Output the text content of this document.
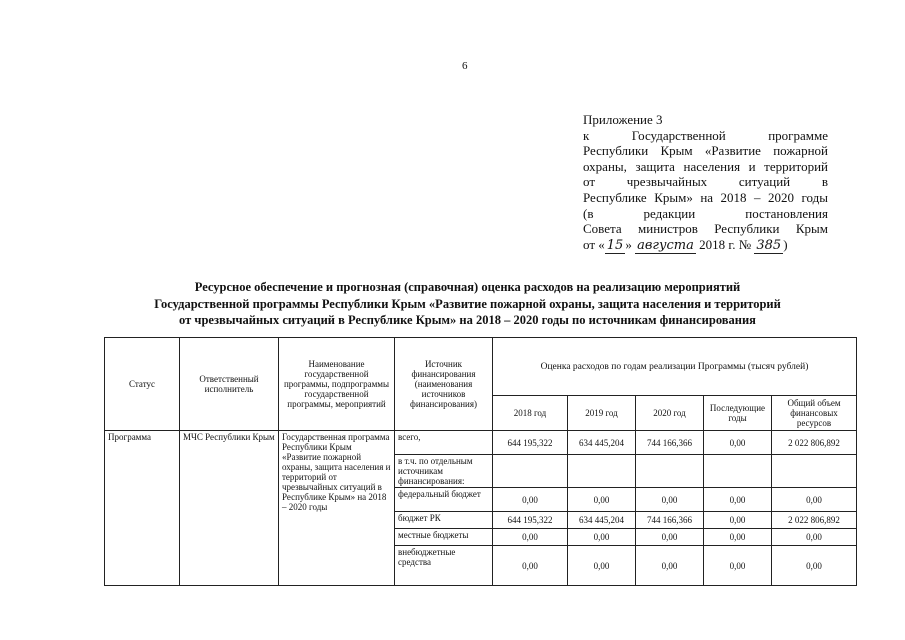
6
Приложение 3
к Государственной программе
Республики Крым «Развитие пожарной
охраны, защита населения и территорий
от чрезвычайных ситуаций в
Республике Крым» на 2018 – 2020 годы
(в редакции постановления
Совета министров Республики Крым
от « 15 » августа 2018 г. № 385 )
Ресурсное обеспечение и прогнозная (справочная) оценка расходов на реализацию мероприятий
Государственной программы Республики Крым «Развитие пожарной охраны, защита населения и территорий
от чрезвычайных ситуаций в Республике Крым» на 2018 – 2020 годы по источникам финансирования
Статус	Ответственный исполнитель	Наименование государственной программы, подпрограммы государственной программы, мероприятий	Источник финансирования (наименования источников финансирования)	Оценка расходов по годам реализации Программы (тысяч рублей)				
				2018 год	2019 год	2020 год	Последующие годы	Общий объем финансовых ресурсов
Программа	МЧС Республики Крым	Государственная программа Республики Крым «Развитие пожарной охраны, защита населения и территорий от чрезвычайных ситуаций в Республике Крым» на 2018 – 2020 годы	всего,	644 195,322	634 445,204	744 166,366	0,00	2 022 806,892
			в т.ч. по отдельным источникам финансирования:					
			федеральный бюджет	0,00	0,00	0,00	0,00	0,00
			бюджет РК	644 195,322	634 445,204	744 166,366	0,00	2 022 806,892
			местные бюджеты	0,00	0,00	0,00	0,00	0,00
			внебюджетные средства	0,00	0,00	0,00	0,00	0,00
